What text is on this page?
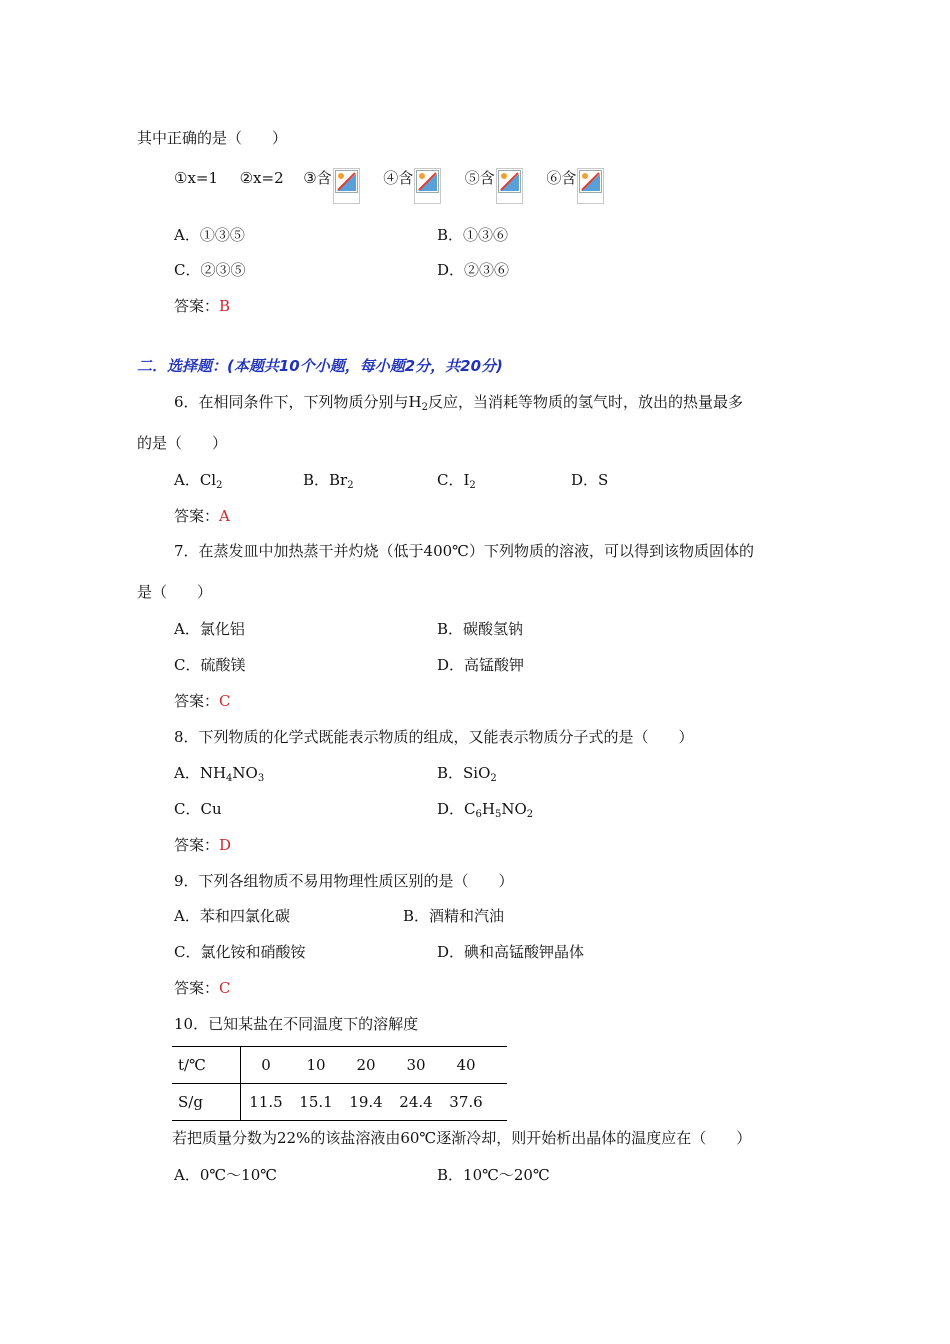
其中正确的是（　　）
①x=1 ②x=2 ③含	④含	⑤含	⑥含
A．①③⑤	B．①③⑥
C．②③⑤	D．②③⑥
答案：B
二．选择题：(本题共10个小题，每小题2分，共20分)
6．在相同条件下，下列物质分别与$H_2$反应，当消耗等物质的氢气时，放出的热量最多
的是（　　）
A．$Cl_2$	B．$Br_2$	C．$I_2$	D．S
答案：A
7．在蒸发皿中加热蒸干并灼烧（低于400℃）下列物质的溶液，可以得到该物质固体的
是（　　）
A．氯化铝	B．碳酸氢钠
C．硫酸镁	D．高锰酸钾
答案：C
8．下列物质的化学式既能表示物质的组成，又能表示物质分子式的是（　　）
A．$NH_4NO_3$	B．SiO$_2$
C．Cu	D．$C_6H_5NO_2$
答案：D
9．下列各组物质不易用物理性质区别的是（　　）
A．苯和四氯化碳	B．酒精和汽油
C．氯化铵和硝酸铵	D．碘和高锰酸钾晶体
答案：C
10．已知某盐在不同温度下的溶解度
t/℃	0	10	20	30	40	
S/g	11.5	15.1	19.4	24.4	37.6	
若把质量分数为22%的该盐溶液由60℃逐渐冷却，则开始析出晶体的温度应在（　　）
A．0℃～10℃	B．10℃～20℃
